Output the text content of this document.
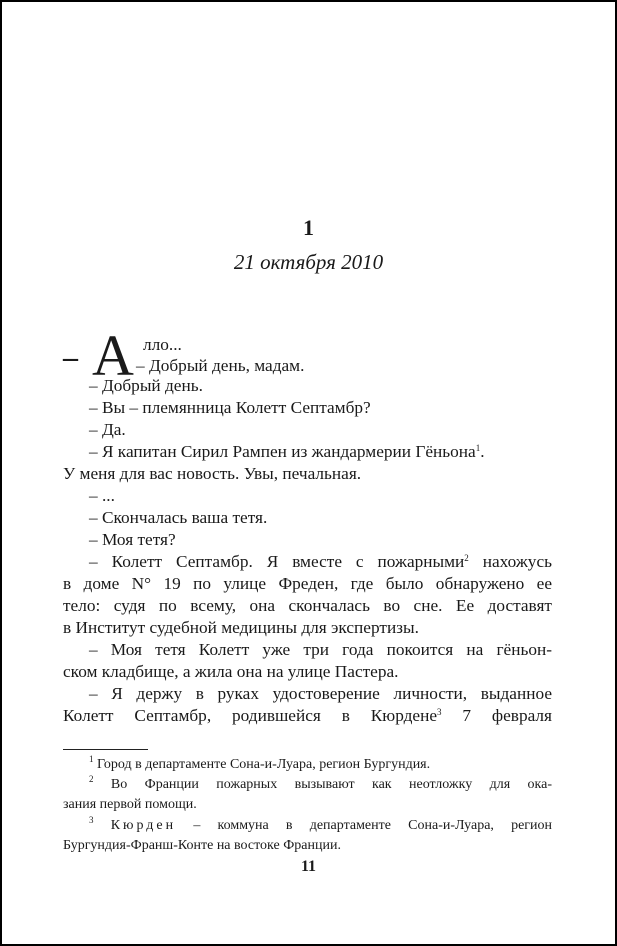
1
21 октября 2010
– А лло...
– Добрый день, мадам.
– Добрый день.
– Вы – племянница Колетт Септамбр?
– Да.
– Я капитан Сирил Рампен из жандармерии Гёньона$^1$.
У меня для вас новость. Увы, печальная.
– ...
– Скончалась ваша тетя.
– Моя тетя?
– Колетт Септамбр. Я вместе с пожарными$^2$ нахожусь
в доме N° 19 по улице Фреден, где было обнаружено ее
тело: судя по всему, она скончалась во сне. Ее доставят
в Институт судебной медицины для экспертизы.
– Моя тетя Колетт уже три года покоится на гёньон-
ском кладбище, а жила она на улице Пастера.
– Я держу в руках удостоверение личности, выданное
Колетт Септамбр, родившейся в Кюрдене$^3$ 7 февраля
$^1$ Город в департаменте Сона-и-Луара, регион Бургундия.
$^2$ Во Франции пожарных вызывают как неотложку для ока-
зания первой помощи.
$^3$ Кюрден – коммуна в департаменте Сона-и-Луара, регион
Бургундия-Франш-Конте на востоке Франции.
11
